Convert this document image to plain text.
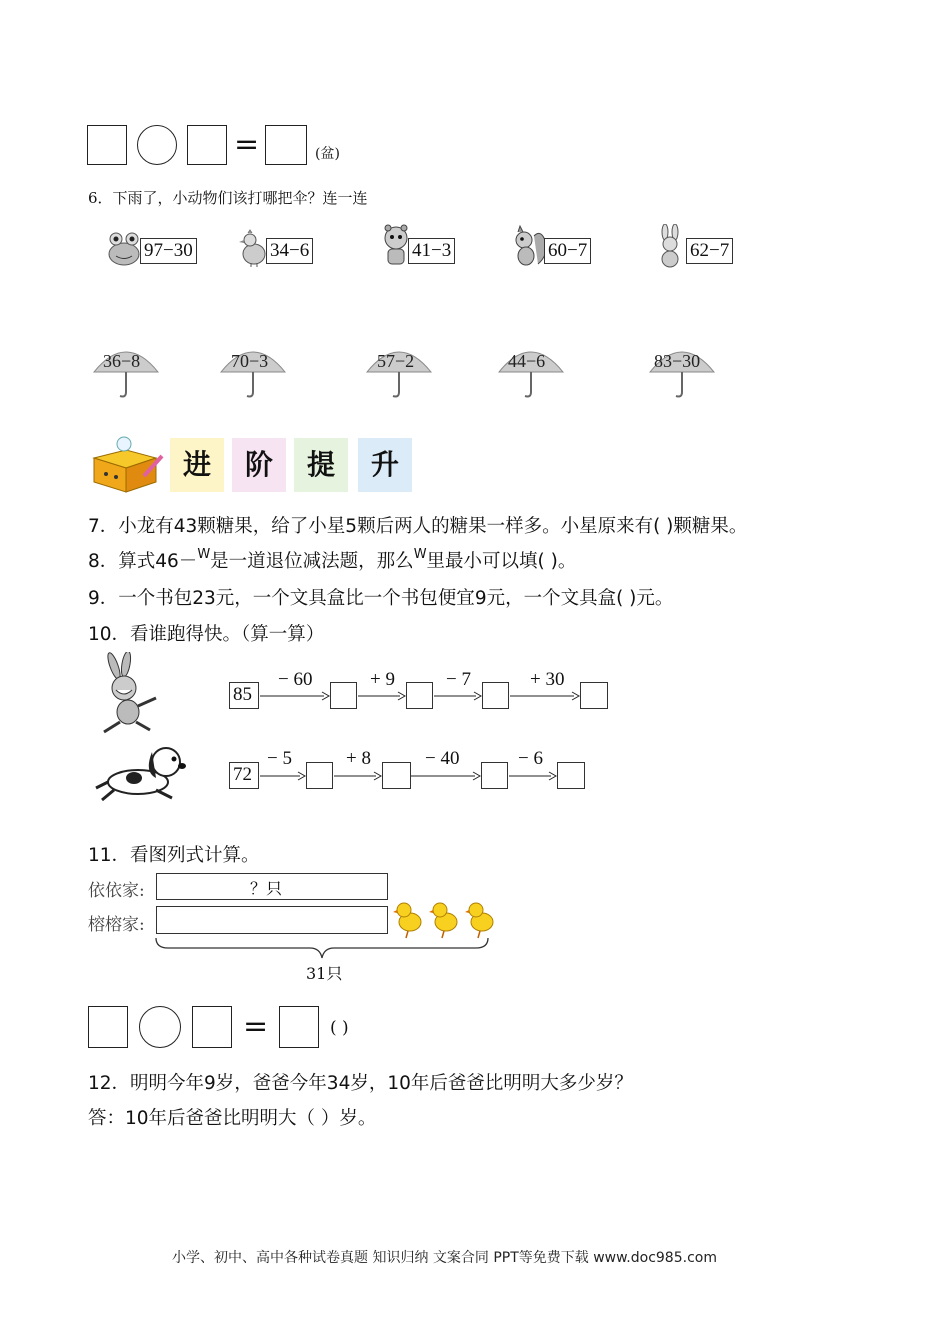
=	(盆)
6．下雨了，小动物们该打哪把伞？连一连
97−30	34−6	41−3	60−7	62−7
36−8	70−3	57−2	44−6	83−30
进	阶	提	升
7．小龙有43颗糖果，给了小星5颗后两人的糖果一样多。小星原来有( )颗糖果。
8．算式46－$^W$是一道退位减法题，那么$^W$里最小可以填( )。
9．一个书包23元，一个文具盒比一个书包便宜9元，一个文具盒( )元。
10．看谁跑得快。（算一算）
85
− 60	+ 9	− 7	+ 30
72
− 5	+ 8	− 40	− 6
11．看图列式计算。
依依家:	？只
榕榕家:
31只
=	( )
12．明明今年9岁，爸爸今年34岁，10年后爸爸比明明大多少岁？
答：10年后爸爸比明明大（ ）岁。
小学、初中、高中各种试卷真题 知识归纳 文案合同 PPT等免费下载 www.doc985.com
